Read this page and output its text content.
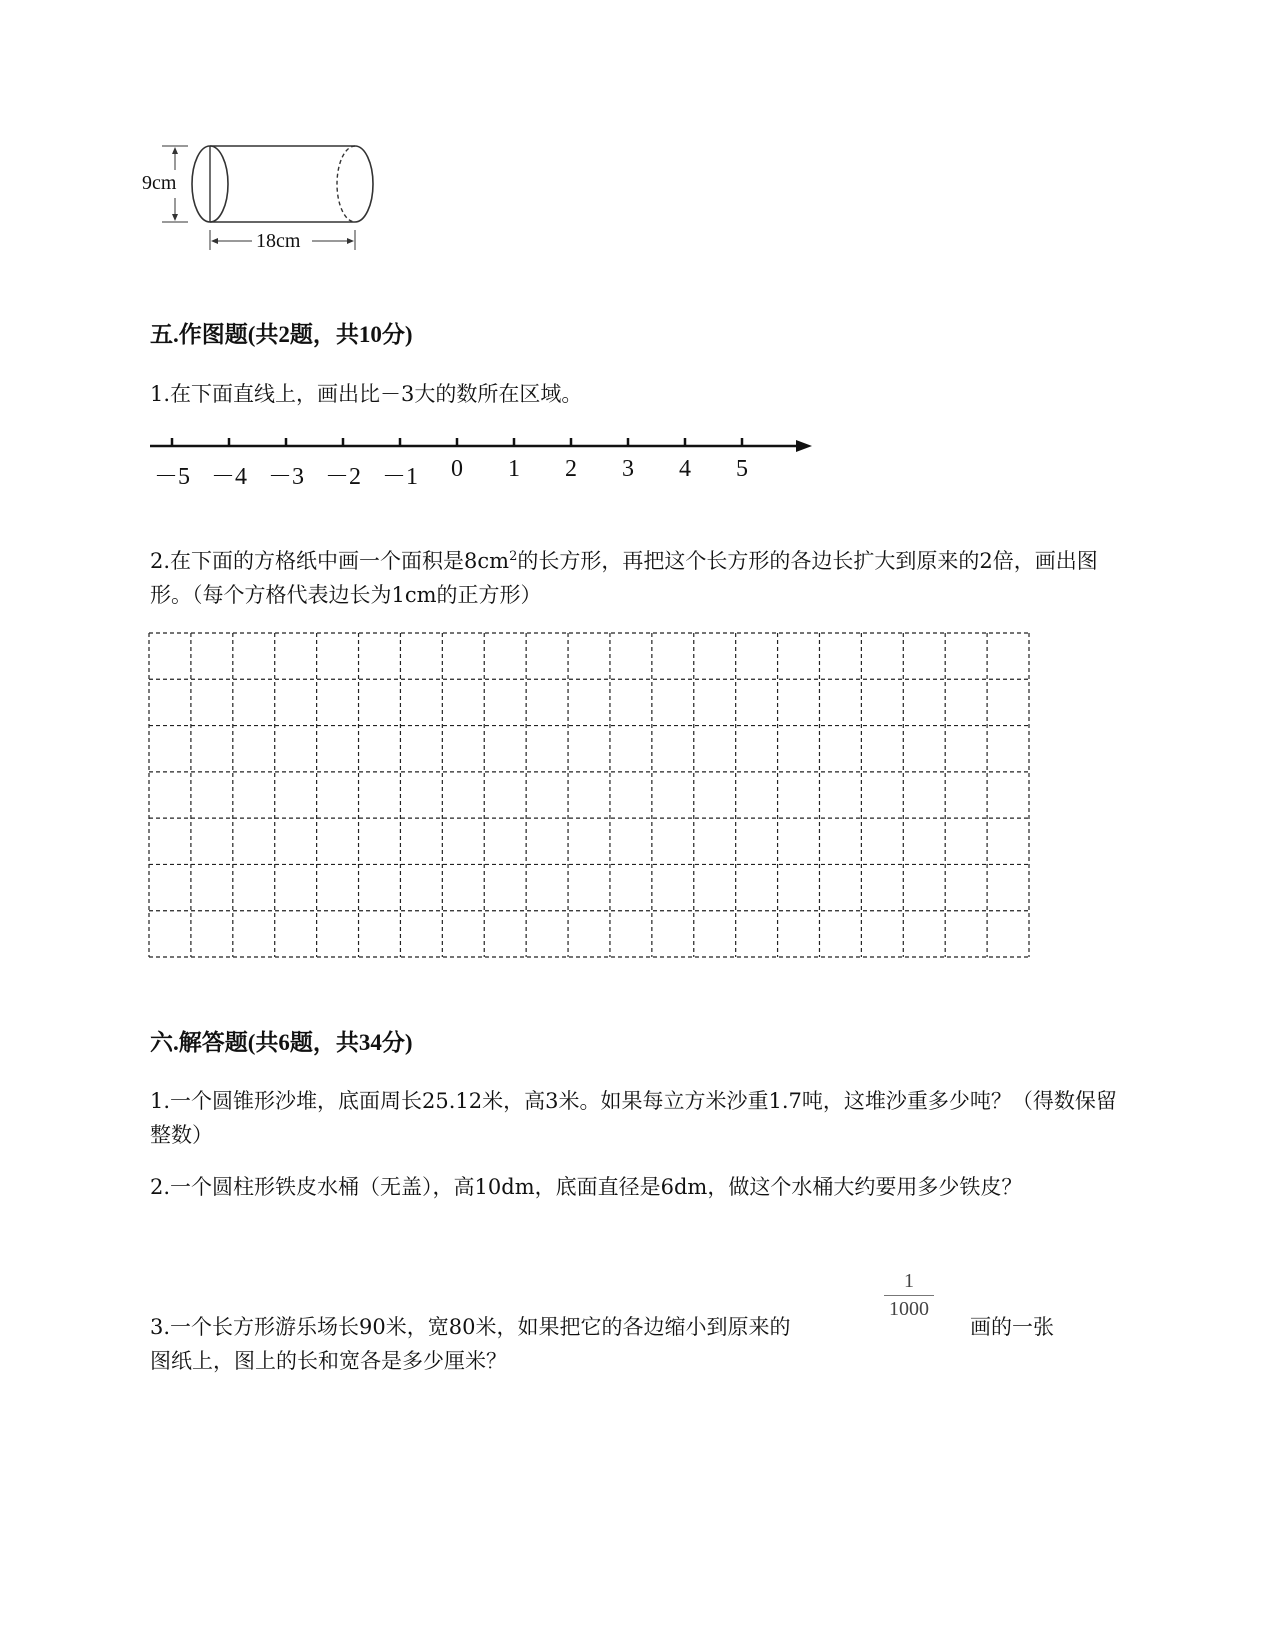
9cm
18cm
五.作图题(共2题，共10分)
1.在下面直线上，画出比－3大的数所在区域。
－5 －4 －3 －2 －1	0	1	2	3	4	5
2.在下面的方格纸中画一个面积是$8cm^2$的长方形，再把这个长方形的各边长扩大到原来的2倍，画出图形。（每个方格代表边长为1cm的正方形）
六.解答题(共6题，共34分)
1.一个圆锥形沙堆，底面周长25.12米，高3米。如果每立方米沙重1.7吨，这堆沙重多少吨？（得数保留整数）
2.一个圆柱形铁皮水桶（无盖），高10dm，底面直径是6dm，做这个水桶大约要用多少铁皮？
3.一个长方形游乐场长90米，宽80米，如果把它的各边缩小到原来的
1
1000
画的一张
图纸上，图上的长和宽各是多少厘米？
